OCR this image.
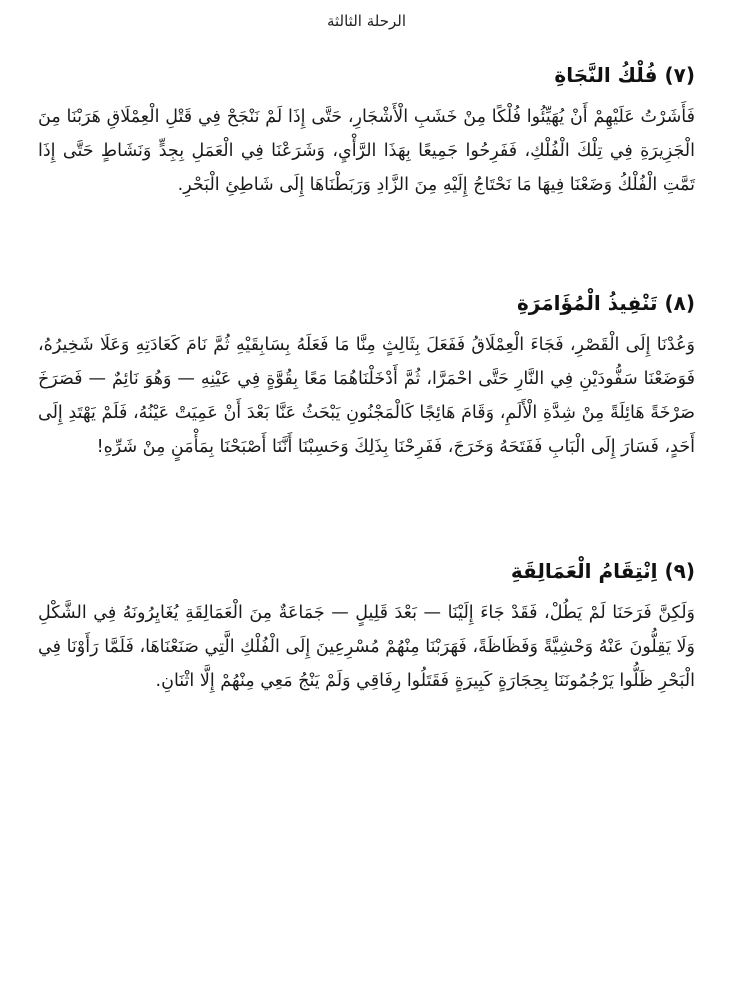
الرحلة الثالثة
(٧) فُلْكُ النَّجَاةِ

فَأَشَرْتُ عَلَيْهِمْ أَنْ يُهَيِّئُوا فُلْكًا مِنْ خَشَبِ الْأَشْجَارِ، حَتَّى إِذَا لَمْ نَنْجَحْ فِي قَتْلِ الْعِمْلَاقِ هَرَبْنَا مِنَ الْجَزِيرَةِ فِي تِلْكَ الْفُلْكِ، فَفَرِحُوا جَمِيعًا بِهَذَا الرَّأْيِ، وَشَرَعْنَا فِي الْعَمَلِ بِجِدٍّ وَنَشَاطٍ حَتَّى إِذَا تَمَّتِ الْفُلْكُ وَضَعْنَا فِيهَا مَا نَحْتَاجُ إِلَيْهِ مِنَ الزَّادِ وَرَبَطْنَاهَا إِلَى شَاطِئِ الْبَحْرِ.

(٨) تَنْفِيذُ الْمُؤَامَرَةِ

وَعُدْنَا إِلَى الْقَصْرِ، فَجَاءَ الْعِمْلَاقُ فَفَعَلَ بِثَالِثٍ مِنَّا مَا فَعَلَهُ بِسَابِقَيْهِ ثُمَّ نَامَ كَعَادَتِهِ وَعَلَا شَخِيرُهُ، فَوَضَعْنَا سَفُّودَيْنِ فِي النَّارِ حَتَّى احْمَرَّا، ثُمَّ أَدْخَلْنَاهُمَا مَعًا بِقُوَّةٍ فِي عَيْنِهِ — وَهُوَ نَائِمٌ — فَصَرَخَ صَرْخَةً هَائِلَةً مِنْ شِدَّةِ الْأَلَمِ، وَقَامَ هَائِجًا كَالْمَجْنُونِ يَبْحَثُ عَنَّا بَعْدَ أَنْ عَمِيَتْ عَيْنُهُ، فَلَمْ يَهْتَدِ إِلَى أَحَدٍ، فَسَارَ إِلَى الْبَابِ فَفَتَحَهُ وَخَرَجَ، فَفَرِحْنَا بِذَلِكَ وَحَسِبْنَا أَنَّنَا أَصْبَحْنَا بِمَأْمَنٍ مِنْ شَرِّهِ!

(٩) اِنْتِقَامُ الْعَمَالِقَةِ

وَلَكِنَّ فَرَحَنَا لَمْ يَطُلْ، فَقَدْ جَاءَ إِلَيْنَا — بَعْدَ قَلِيلٍ — جَمَاعَةٌ مِنَ الْعَمَالِقَةِ يُغَايِرُونَهُ فِي الشَّكْلِ وَلَا يَقِلُّونَ عَنْهُ وَحْشِيَّةً وَفَظَاظَةً، فَهَرَبْنَا مِنْهُمْ مُسْرِعِينَ إِلَى الْفُلْكِ الَّتِي صَنَعْنَاهَا، فَلَمَّا رَأَوْنَا فِي الْبَحْرِ ظَلُّوا يَرْجُمُونَنَا بِحِجَارَةٍ كَبِيرَةٍ فَقَتَلُوا رِفَاقِي وَلَمْ يَنْجُ مَعِي مِنْهُمْ إِلَّا اثْنَانِ.
